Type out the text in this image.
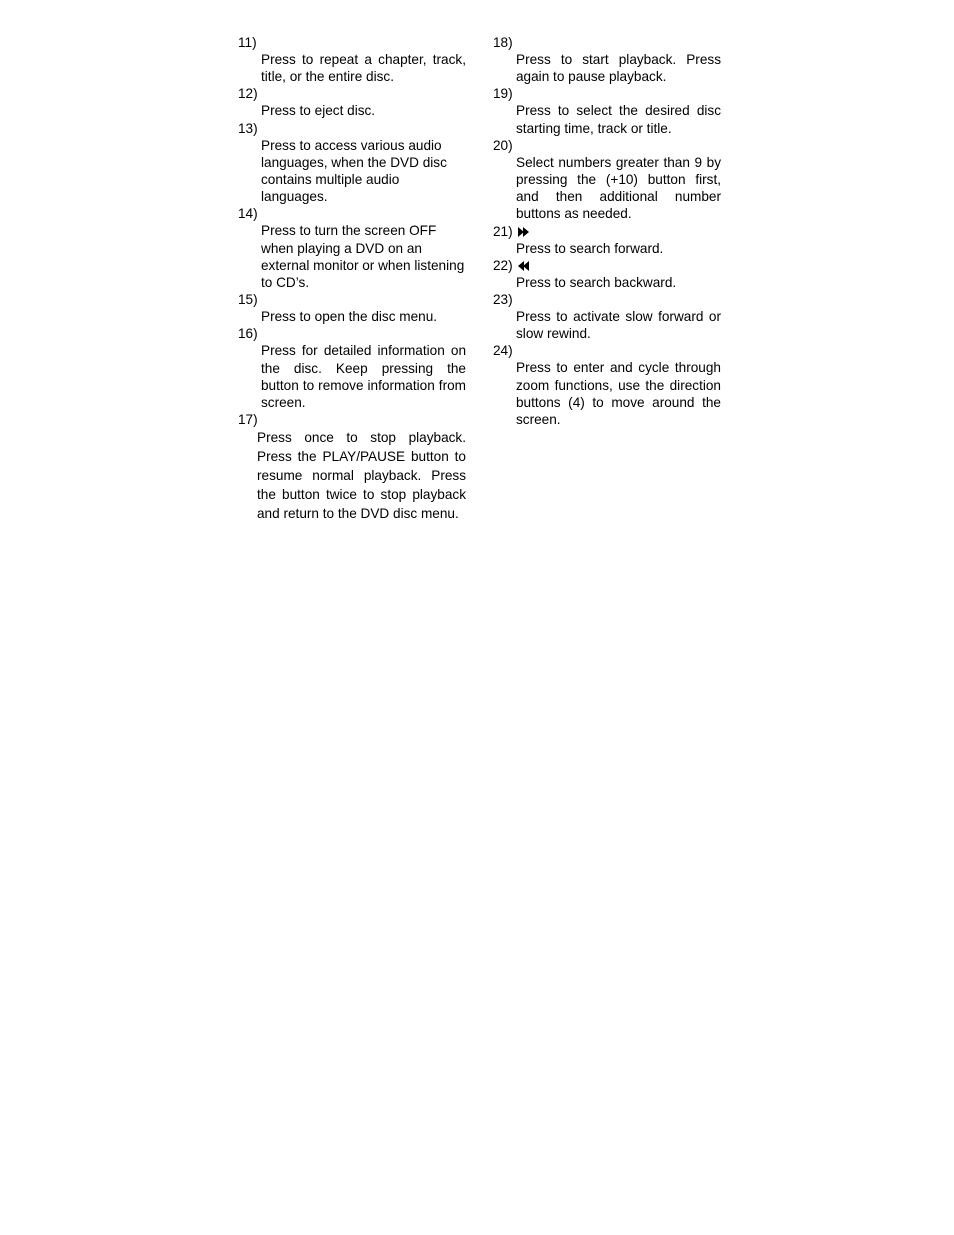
11)
Press to repeat a chapter, track, title, or the entire disc.
12)
Press to eject disc.
13)
Press to access various audio languages, when the DVD disc contains multiple audio languages.
14)
Press to turn the screen OFF when playing a DVD on an external monitor or when listening to CD’s.
15)
Press to open the disc menu.
16)
Press for detailed information on the disc. Keep pressing the button to remove information from screen.
17)
Press once to stop playback. Press the PLAY/PAUSE button to resume normal playback. Press the button twice to stop playback and return to the DVD disc menu.
18)
Press to start playback. Press again to pause playback.
19)
Press to select the desired disc starting time, track or title.
20)
Select numbers greater than 9 by pressing the (+10) button first, and then additional number buttons as needed.
21)
Press to search forward.
22)
Press to search backward.
23)
Press to activate slow forward or slow rewind.
24)
Press to enter and cycle through zoom functions, use the direction buttons (4) to move around the screen.
